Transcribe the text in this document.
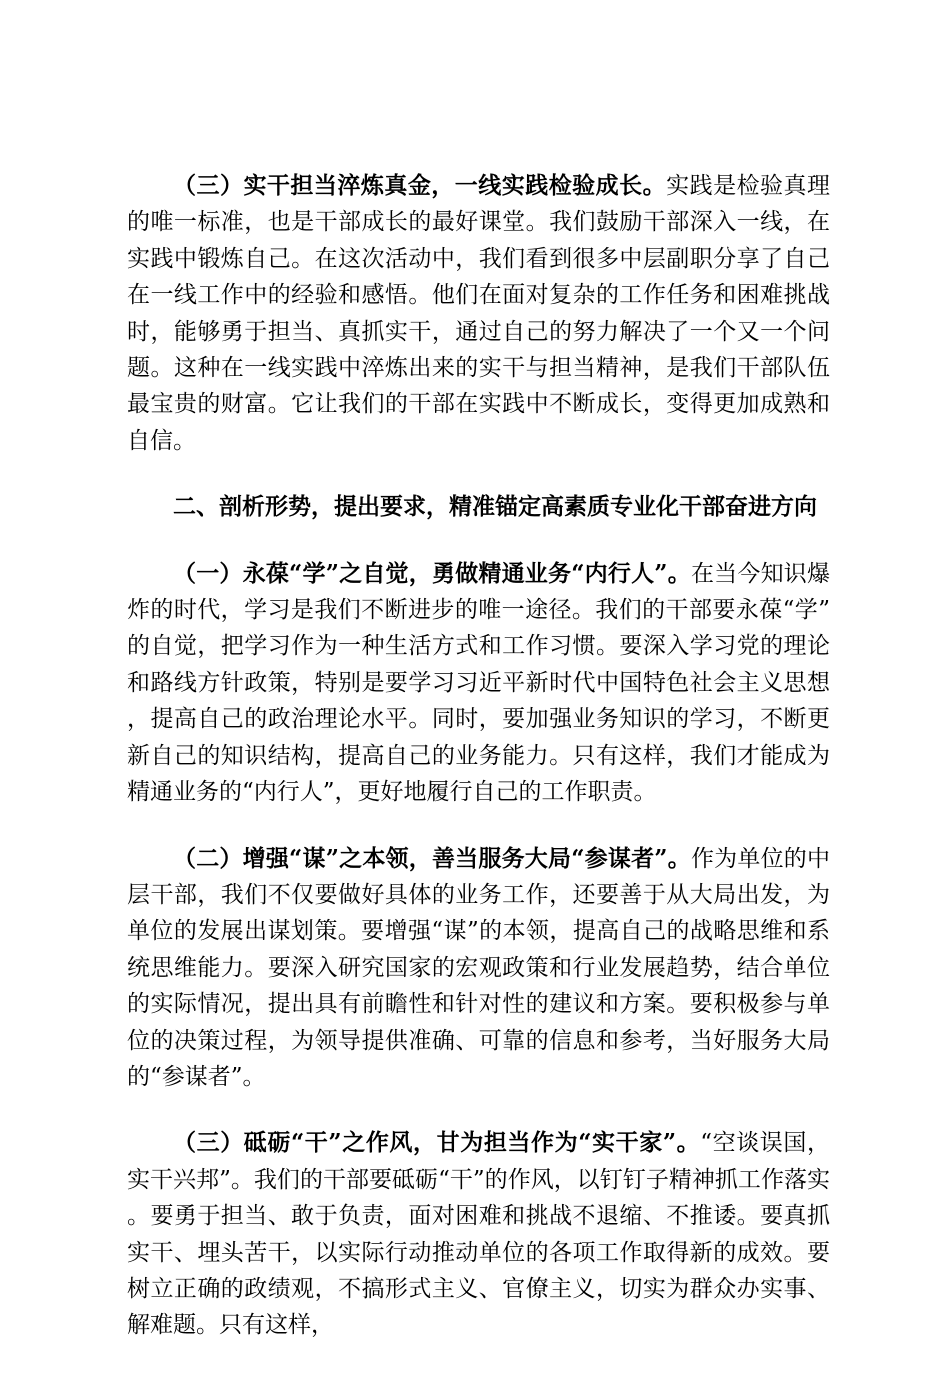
（三）实干担当淬炼真金，一线实践检验成长。实践是检验真理的唯一标准，也是干部成长的最好课堂。我们鼓励干部深入一线，在实践中锻炼自己。在这次活动中，我们看到很多中层副职分享了自己在一线工作中的经验和感悟。他们在面对复杂的工作任务和困难挑战时，能够勇于担当、真抓实干，通过自己的努力解决了一个又一个问题。这种在一线实践中淬炼出来的实干与担当精神，是我们干部队伍最宝贵的财富。它让我们的干部在实践中不断成长，变得更加成熟和自信。

二、剖析形势，提出要求，精准锚定高素质专业化干部奋进方向

（一）永葆“学”之自觉，勇做精通业务“内行人”。在当今知识爆炸的时代，学习是我们不断进步的唯一途径。我们的干部要永葆“学”的自觉，把学习作为一种生活方式和工作习惯。要深入学习党的理论和路线方针政策，特别是要学习习近平新时代中国特色社会主义思想，提高自己的政治理论水平。同时，要加强业务知识的学习，不断更新自己的知识结构，提高自己的业务能力。只有这样，我们才能成为精通业务的“内行人”，更好地履行自己的工作职责。

（二）增强“谋”之本领，善当服务大局“参谋者”。作为单位的中层干部，我们不仅要做好具体的业务工作，还要善于从大局出发，为单位的发展出谋划策。要增强“谋”的本领，提高自己的战略思维和系统思维能力。要深入研究国家的宏观政策和行业发展趋势，结合单位的实际情况，提出具有前瞻性和针对性的建议和方案。要积极参与单位的决策过程，为领导提供准确、可靠的信息和参考，当好服务大局的“参谋者”。

（三）砥砺“干”之作风，甘为担当作为“实干家”。“空谈误国，实干兴邦”。我们的干部要砥砺“干”的作风，以钉钉子精神抓工作落实。要勇于担当、敢于负责，面对困难和挑战不退缩、不推诿。要真抓实干、埋头苦干，以实际行动推动单位的各项工作取得新的成效。要树立正确的政绩观，不搞形式主义、官僚主义，切实为群众办实事、解难题。只有这样，
